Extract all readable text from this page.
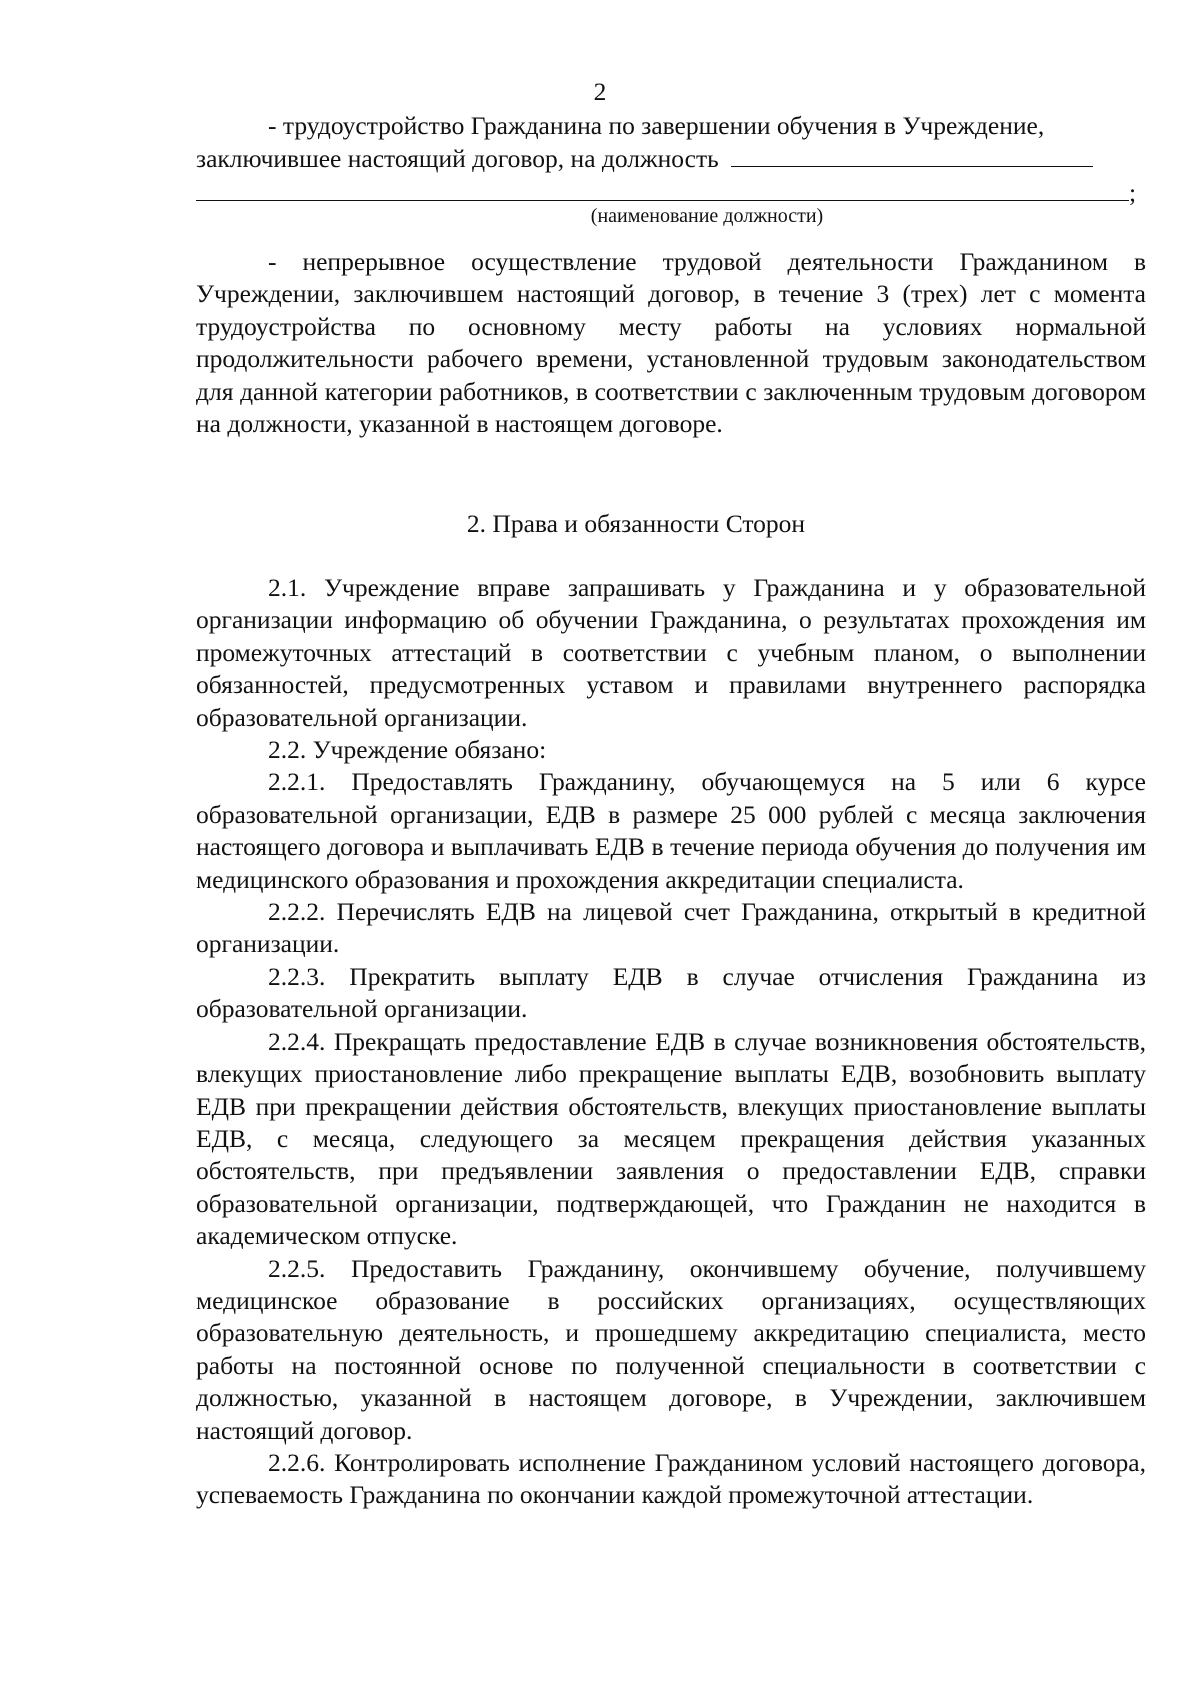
2

- трудоустройство Гражданина по завершении обучения в Учреждение,

заключившее настоящий договор, на должность

;

(наименование должности)

- непрерывное осуществление трудовой деятельности Гражданином в Учреждении, заключившем настоящий договор, в течение 3 (трех) лет с момента трудоустройства по основному месту работы на условиях нормальной продолжительности рабочего времени, установленной трудовым законодательством для данной категории работников, в соответствии с заключенным трудовым договором на должности, указанной в настоящем договоре.

2. Права и обязанности Сторон

2.1. Учреждение вправе запрашивать у Гражданина и у образовательной организации информацию об обучении Гражданина, о результатах прохождения им промежуточных аттестаций в соответствии с учебным планом, о выполнении обязанностей, предусмотренных уставом и правилами внутреннего распорядка образовательной организации.

2.2. Учреждение обязано:

2.2.1. Предоставлять Гражданину, обучающемуся на 5 или 6 курсе образовательной организации, ЕДВ в размере 25 000 рублей с месяца заключения настоящего договора и выплачивать ЕДВ в течение периода обучения до получения им медицинского образования и прохождения аккредитации специалиста.

2.2.2. Перечислять ЕДВ на лицевой счет Гражданина, открытый в кредитной организации.

2.2.3. Прекратить выплату ЕДВ в случае отчисления Гражданина из образовательной организации.

2.2.4. Прекращать предоставление ЕДВ в случае возникновения обстоятельств, влекущих приостановление либо прекращение выплаты ЕДВ, возобновить выплату ЕДВ при прекращении действия обстоятельств, влекущих приостановление выплаты ЕДВ, с месяца, следующего за месяцем прекращения действия указанных обстоятельств, при предъявлении заявления о предоставлении ЕДВ, справки образовательной организации, подтверждающей, что Гражданин не находится в академическом отпуске.

2.2.5. Предоставить Гражданину, окончившему обучение, получившему медицинское образование в российских организациях, осуществляющих образовательную деятельность, и прошедшему аккредитацию специалиста, место работы на постоянной основе по полученной специальности в соответствии с должностью, указанной в настоящем договоре, в Учреждении, заключившем настоящий договор.

2.2.6. Контролировать исполнение Гражданином условий настоящего договора, успеваемость Гражданина по окончании каждой промежуточной аттестации.
